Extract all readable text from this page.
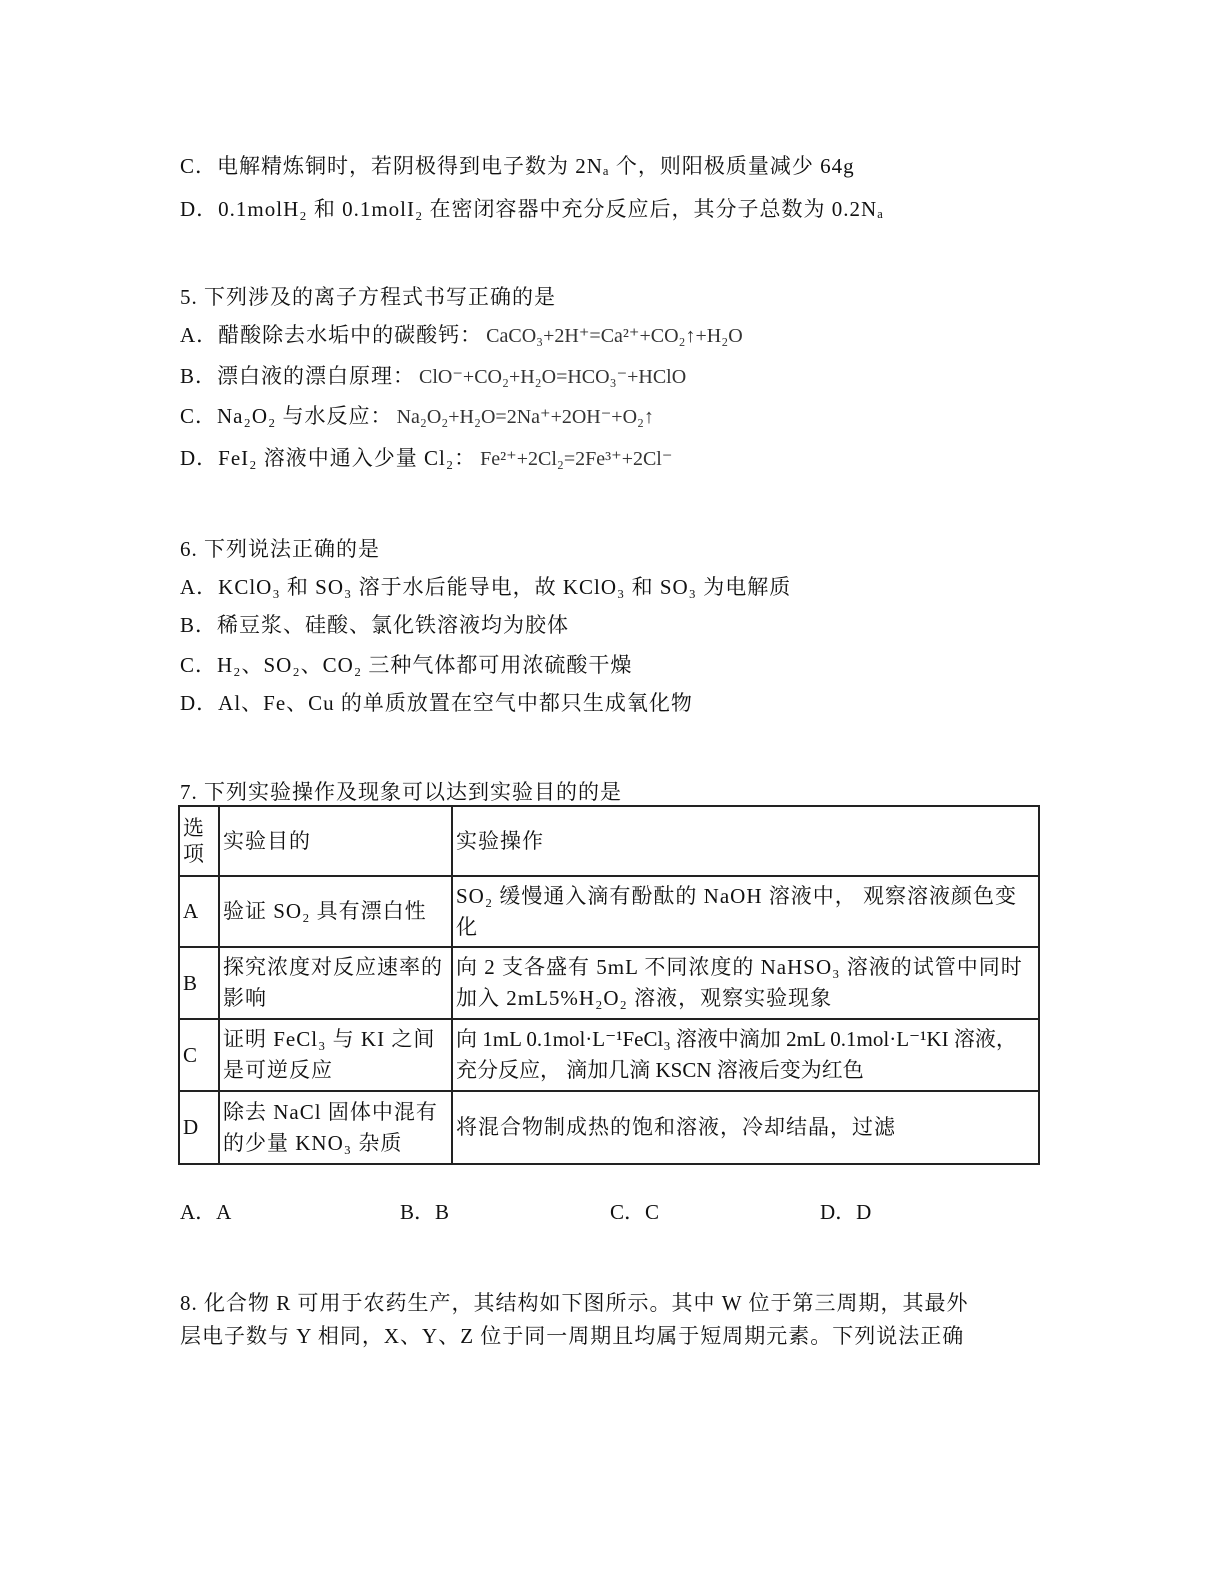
C．电解精炼铜时，若阴极得到电子数为 2Nₐ 个，则阳极质量减少 64g
D．0.1molH₂ 和 0.1molI₂ 在密闭容器中充分反应后，其分子总数为 0.2Nₐ
5. 下列涉及的离子方程式书写正确的是
A．醋酸除去水垢中的碳酸钙： CaCO₃+2H⁺=Ca²⁺+CO₂↑+H₂O
B．漂白液的漂白原理： ClO⁻+CO₂+H₂O=HCO₃⁻+HClO
C．Na₂O₂ 与水反应： Na₂O₂+H₂O=2Na⁺+2OH⁻+O₂↑
D．FeI₂ 溶液中通入少量 Cl₂： Fe²⁺+2Cl₂=2Fe³⁺+2Cl⁻
6. 下列说法正确的是
A．KClO₃ 和 SO₃ 溶于水后能导电，故 KClO₃ 和 SO₃ 为电解质
B．稀豆浆、硅酸、氯化铁溶液均为胶体
C．H₂、SO₂、CO₂ 三种气体都可用浓硫酸干燥
D．Al、Fe、Cu 的单质放置在空气中都只生成氧化物
7. 下列实验操作及现象可以达到实验目的的是
选项	实验目的	实验操作
A	验证 SO₂ 具有漂白性	SO₂ 缓慢通入滴有酚酞的 NaOH 溶液中， 观察溶液颜色变化
B	探究浓度对反应速率的影响	向 2 支各盛有 5mL 不同浓度的 NaHSO₃ 溶液的试管中同时加入 2mL5%H₂O₂ 溶液，观察实验现象
C	证明 FeCl₃ 与 KI 之间是可逆反应	向 1mL 0.1mol·L⁻¹FeCl₃ 溶液中滴加 2mL 0.1mol·L⁻¹KI 溶液， 充分反应， 滴加几滴 KSCN 溶液后变为红色
D	除去 NaCl 固体中混有的少量 KNO₃ 杂质	将混合物制成热的饱和溶液，冷却结晶，过滤
A．A	B．B	C．C	D．D
8. 化合物 R 可用于农药生产，其结构如下图所示。其中 W 位于第三周期，其最外
层电子数与 Y 相同，X、Y、Z 位于同一周期且均属于短周期元素。下列说法正确
